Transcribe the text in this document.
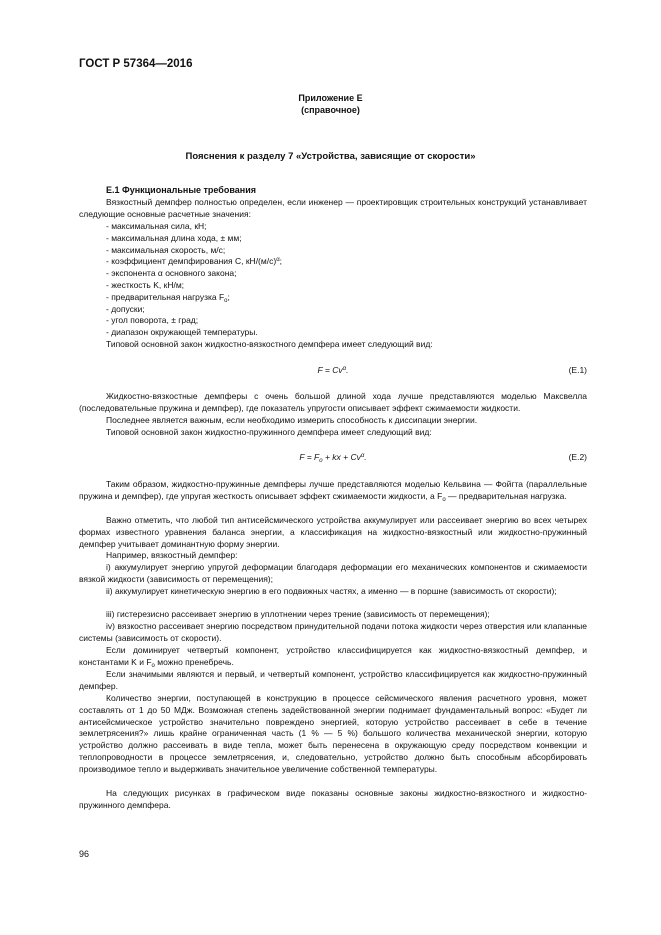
ГОСТ Р 57364—2016
Приложение Е
(справочное)
Пояснения к разделу 7 «Устройства, зависящие от скорости»
Е.1 Функциональные требования

Вязкостный демпфер полностью определен, если инженер — проектировщик строительных конструкций устанавливает следующие основные расчетные значения:

- максимальная сила, кН;
- максимальная длина хода, ± мм;
- максимальная скорость, м/с;
- коэффициент демпфирования C, $кН/(м/с)^\alpha$;
- экспонента α основного закона;
- жесткость K, кН/м;
- предварительная нагрузка $F_o$;
- допуски;
- угол поворота, ± град;
- диапазон окружающей температуры.

Типовой основной закон жидкостно-вязкостного демпфера имеет следующий вид:

$F = Cv^\alpha$.	(Е.1)

Жидкостно-вязкостные демпферы с очень большой длиной хода лучше представляются моделью Максвелла (последовательные пружина и демпфер), где показатель упругости описывает эффект сжимаемости жидкости.

Последнее является важным, если необходимо измерить способность к диссипации энергии.

Типовой основной закон жидкостно-пружинного демпфера имеет следующий вид:

$F = F_o$ + kx + $Cv^\alpha$.	(Е.2)

Таким образом, жидкостно-пружинные демпферы лучше представляются моделью Кельвина — Фойгта (параллельные пружина и демпфер), где упругая жесткость описывает эффект сжимаемости жидкости, а $F_o$ — предварительная нагрузка.

Важно отметить, что любой тип антисейсмического устройства аккумулирует или рассеивает энергию во всех четырех формах известного уравнения баланса энергии, а классификация на жидкостно-вязкостный или жидкостно-пружинный демпфер учитывает доминантную форму энергии.

Например, вязкостный демпфер:

i) аккумулирует энергию упругой деформации благодаря деформации его механических компонентов и сжимаемости вязкой жидкости (зависимость от перемещения);

ii) аккумулирует кинетическую энергию в его подвижных частях, а именно — в поршне (зависимость от скорости);

iii) гистерезисно рассеивает энергию в уплотнении через трение (зависимость от перемещения);

iv) вязкостно рассеивает энергию посредством принудительной подачи потока жидкости через отверстия или клапанные системы (зависимость от скорости).

Если доминирует четвертый компонент, устройство классифицируется как жидкостно-вязкостный демпфер, и константами K и $F_o$ можно пренебречь.

Если значимыми являются и первый, и четвертый компонент, устройство классифицируется как жидкостно-пружинный демпфер.

Количество энергии, поступающей в конструкцию в процессе сейсмического явления расчетного уровня, может составлять от 1 до 50 МДж. Возможная степень задействованной энергии поднимает фундаментальный вопрос: «Будет ли антисейсмическое устройство значительно повреждено энергией, которую устройство рассеивает в себе в течение землетрясения?» лишь крайне ограниченная часть (1 % — 5 %) большого количества механической энергии, которую устройство должно рассеивать в виде тепла, может быть перенесена в окружающую среду посредством конвекции и теплопроводности в процессе землетрясения, и, следовательно, устройство должно быть способным абсорбировать производимое тепло и выдерживать значительное увеличение собственной температуры.

На следующих рисунках в графическом виде показаны основные законы жидкостно-вязкостного и жидкостно-пружинного демпфера.

96
